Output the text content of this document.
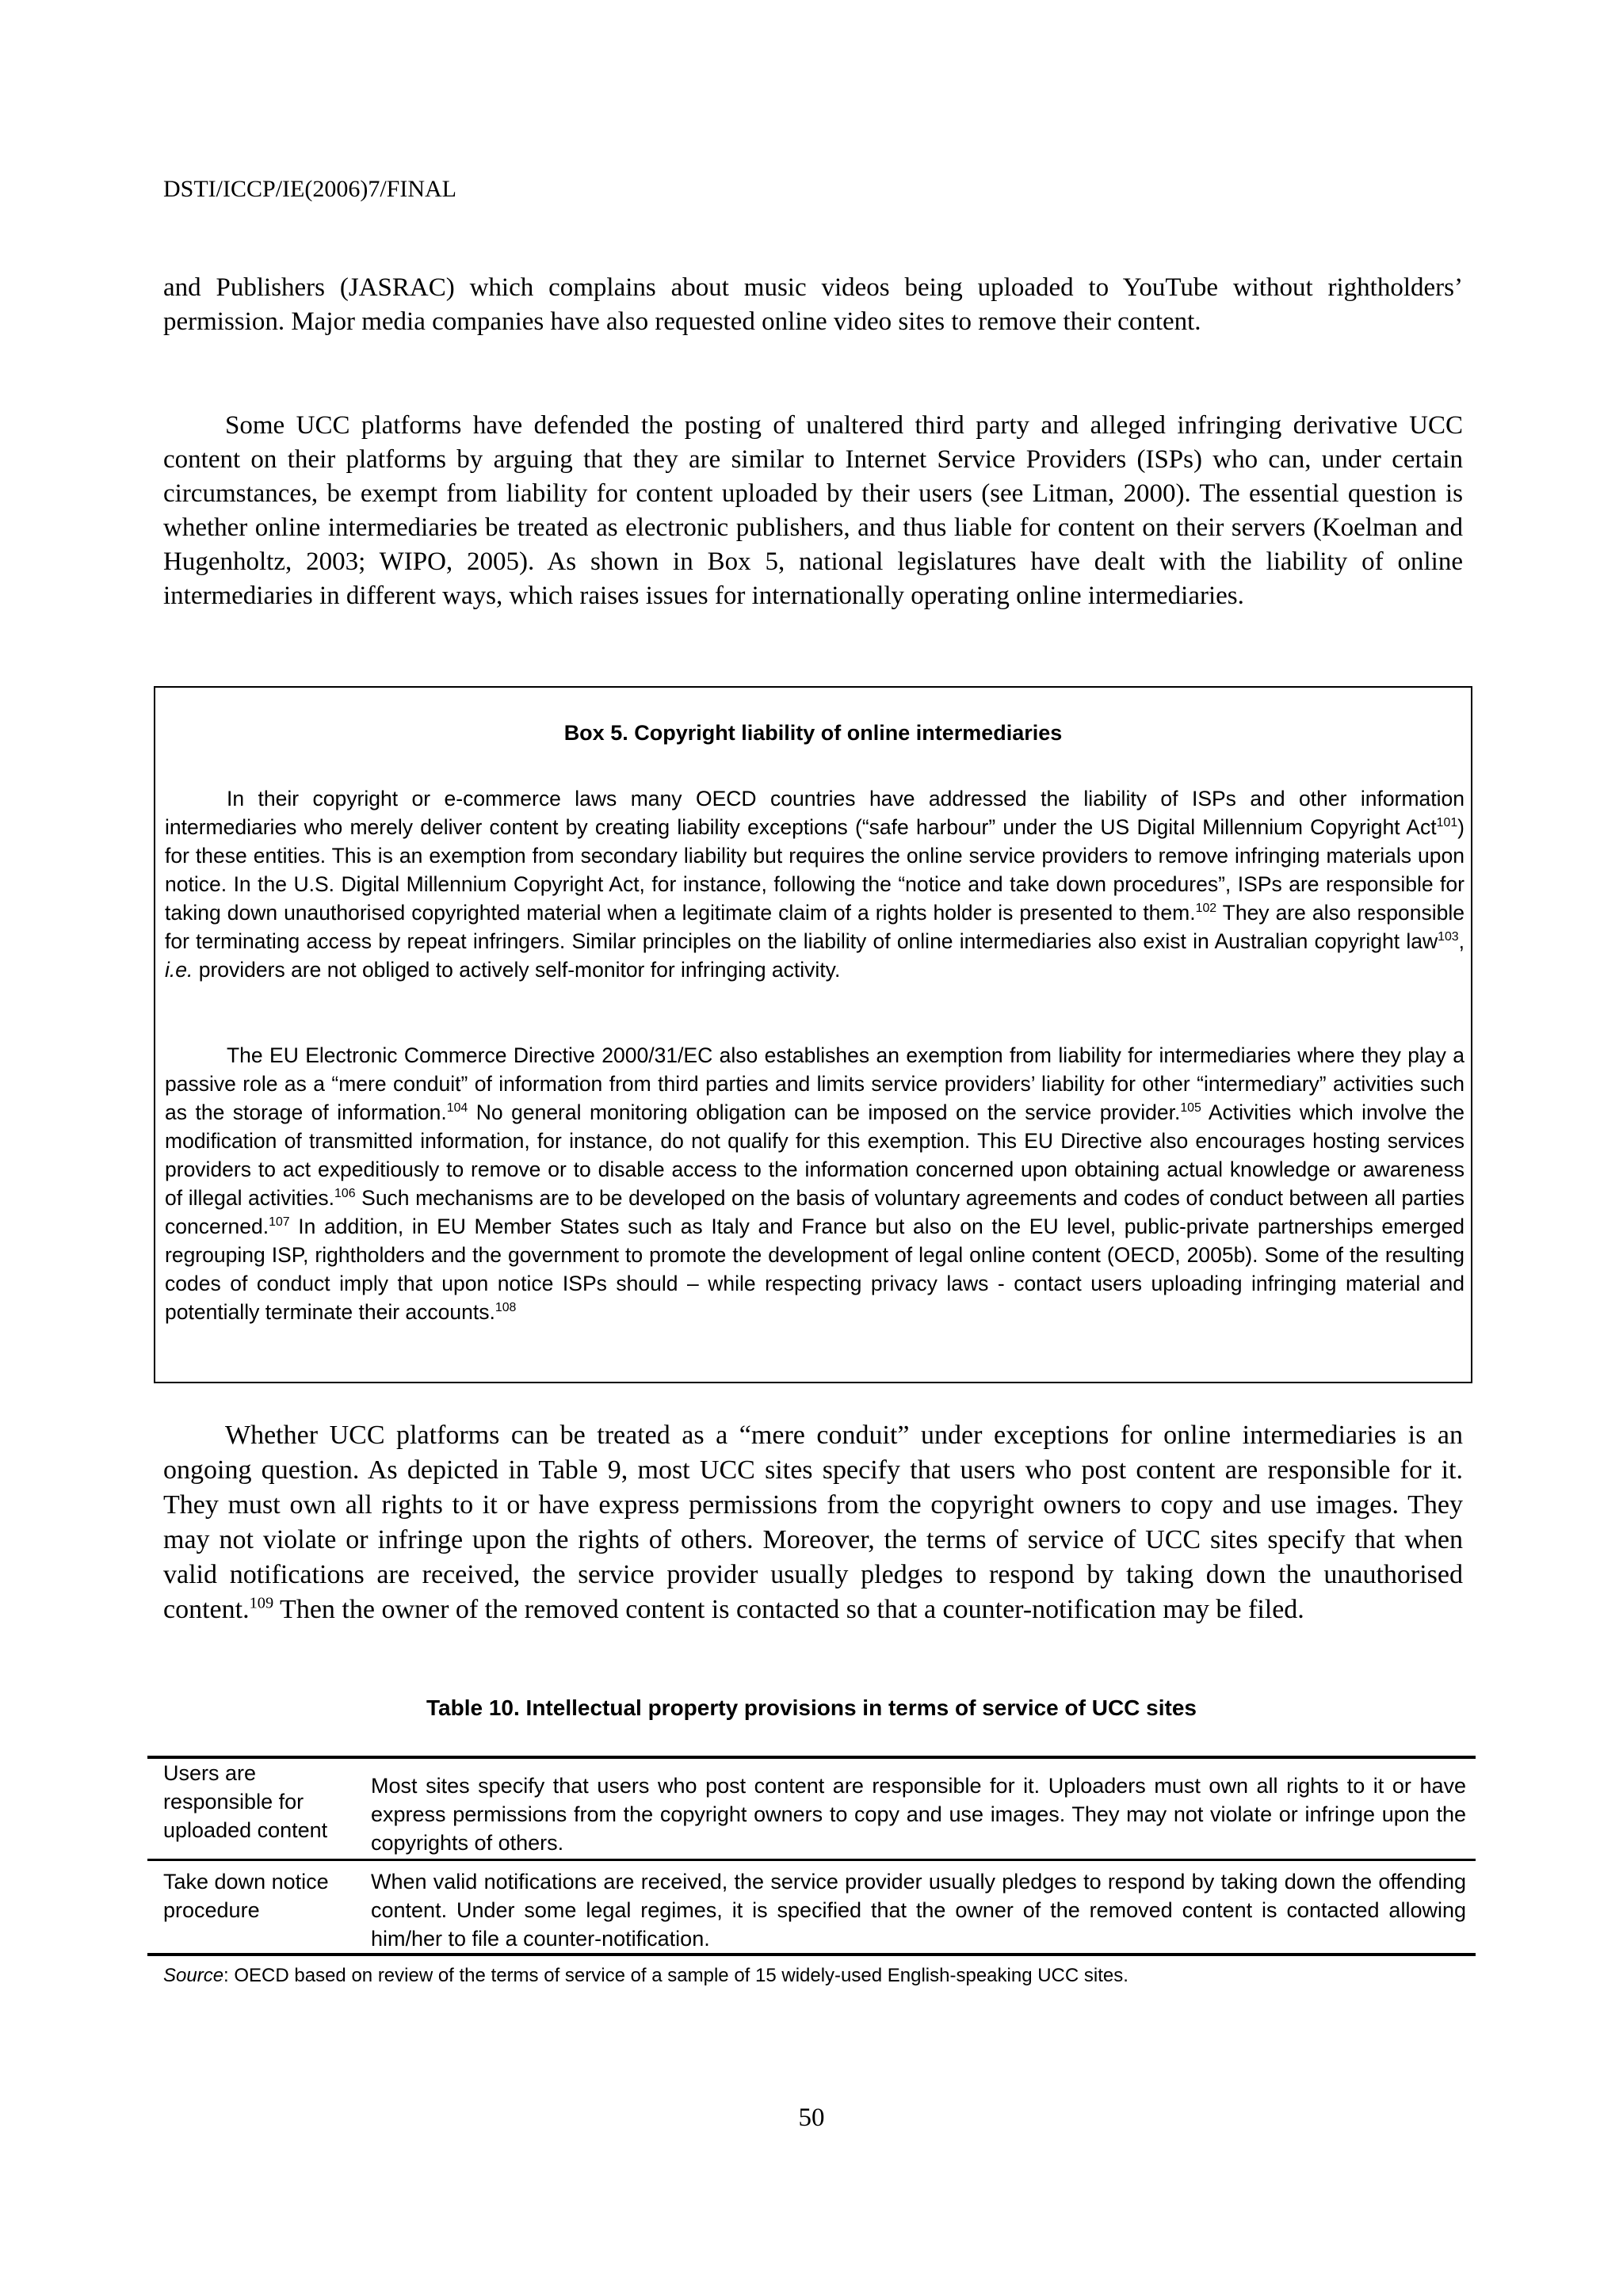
DSTI/ICCP/IE(2006)7/FINAL

and Publishers (JASRAC) which complains about music videos being uploaded to YouTube without rightholders’ permission. Major media companies have also requested online video sites to remove their content.

Some UCC platforms have defended the posting of unaltered third party and alleged infringing derivative UCC content on their platforms by arguing that they are similar to Internet Service Providers (ISPs) who can, under certain circumstances, be exempt from liability for content uploaded by their users (see Litman, 2000). The essential question is whether online intermediaries be treated as electronic publishers, and thus liable for content on their servers (Koelman and Hugenholtz, 2003; WIPO, 2005). As shown in Box 5, national legislatures have dealt with the liability of online intermediaries in different ways, which raises issues for internationally operating online intermediaries.

Box 5. Copyright liability of online intermediaries

In their copyright or e-commerce laws many OECD countries have addressed the liability of ISPs and other information intermediaries who merely deliver content by creating liability exceptions (“safe harbour” under the US Digital Millennium Copyright Act$^{101}$) for these entities. This is an exemption from secondary liability but requires the online service providers to remove infringing materials upon notice. In the U.S. Digital Millennium Copyright Act, for instance, following the “notice and take down procedures”, ISPs are responsible for taking down unauthorised copyrighted material when a legitimate claim of a rights holder is presented to them.$^{102}$ They are also responsible for terminating access by repeat infringers. Similar principles on the liability of online intermediaries also exist in Australian copyright law$^{103}$, i.e. providers are not obliged to actively self-monitor for infringing activity.

The EU Electronic Commerce Directive 2000/31/EC also establishes an exemption from liability for intermediaries where they play a passive role as a “mere conduit” of information from third parties and limits service providers’ liability for other “intermediary” activities such as the storage of information.$^{104}$ No general monitoring obligation can be imposed on the service provider.$^{105}$ Activities which involve the modification of transmitted information, for instance, do not qualify for this exemption. This EU Directive also encourages hosting services providers to act expeditiously to remove or to disable access to the information concerned upon obtaining actual knowledge or awareness of illegal activities.$^{106}$ Such mechanisms are to be developed on the basis of voluntary agreements and codes of conduct between all parties concerned.$^{107}$ In addition, in EU Member States such as Italy and France but also on the EU level, public-private partnerships emerged regrouping ISP, rightholders and the government to promote the development of legal online content (OECD, 2005b). Some of the resulting codes of conduct imply that upon notice ISPs should – while respecting privacy laws - contact users uploading infringing material and potentially terminate their accounts.$^{108}$

Whether UCC platforms can be treated as a “mere conduit” under exceptions for online intermediaries is an ongoing question. As depicted in Table 9, most UCC sites specify that users who post content are responsible for it. They must own all rights to it or have express permissions from the copyright owners to copy and use images. They may not violate or infringe upon the rights of others. Moreover, the terms of service of UCC sites specify that when valid notifications are received, the service provider usually pledges to respond by taking down the unauthorised content.$^{109}$ Then the owner of the removed content is contacted so that a counter-notification may be filed.

Table 10. Intellectual property provisions in terms of service of UCC sites
Users are responsible for uploaded content	Most sites specify that users who post content are responsible for it. Uploaders must own all rights to it or have express permissions from the copyright owners to copy and use images. They may not violate or infringe upon the copyrights of others.
Take down notice procedure	When valid notifications are received, the service provider usually pledges to respond by taking down the offending content. Under some legal regimes, it is specified that the owner of the removed content is contacted allowing him/her to file a counter-notification.
Source: OECD based on review of the terms of service of a sample of 15 widely-used English-speaking UCC sites.
50
